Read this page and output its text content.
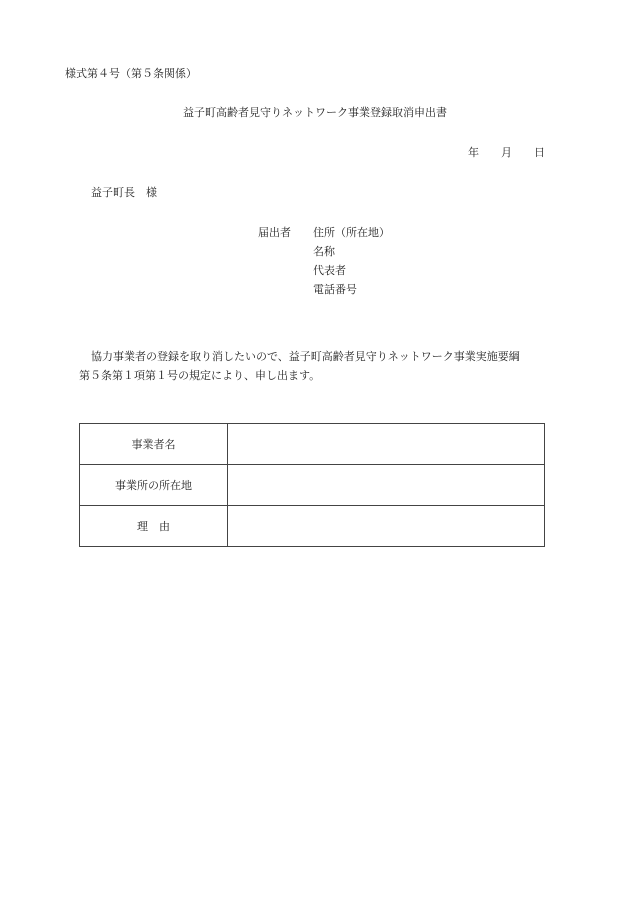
様式第４号（第５条関係）
益子町高齢者見守りネットワーク事業登録取消申出書
年 月 日
益子町長　様
届出者 住所（所在地）
名称
代表者
電話番号
協力事業者の登録を取り消したいので、益子町高齢者見守りネットワーク事業実施要綱
第５条第１項第１号の規定により、申し出ます。
事業者名	
事業所の所在地	
理　由	
